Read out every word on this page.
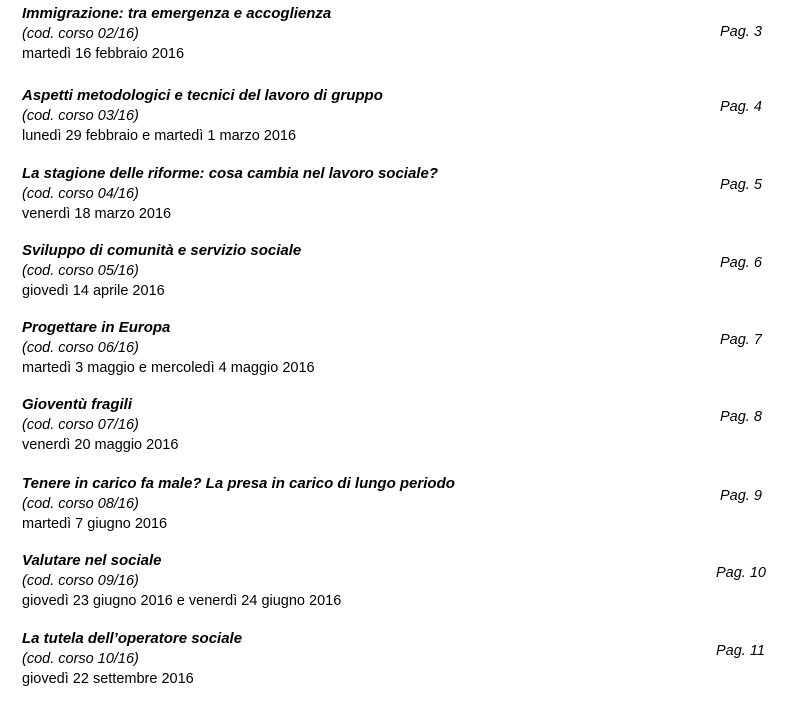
Immigrazione: tra emergenza e accoglienza
(cod. corso 02/16)
martedì 16 febbraio 2016
Pag. 3
Aspetti metodologici e tecnici del lavoro di gruppo
(cod. corso 03/16)
lunedì 29 febbraio e martedì 1 marzo 2016
Pag. 4
La stagione delle riforme: cosa cambia nel lavoro sociale?
(cod. corso 04/16)
venerdì 18 marzo 2016
Pag. 5
Sviluppo di comunità e servizio sociale
(cod. corso 05/16)
giovedì 14 aprile 2016
Pag. 6
Progettare in Europa
(cod. corso 06/16)
martedì 3 maggio e mercoledì 4 maggio 2016
Pag. 7
Gioventù fragili
(cod. corso 07/16)
venerdì 20 maggio 2016
Pag. 8
Tenere in carico fa male? La presa in carico di lungo periodo
(cod. corso 08/16)
martedì 7 giugno 2016
Pag. 9
Valutare nel sociale
(cod. corso 09/16)
giovedì 23 giugno 2016 e venerdì 24 giugno 2016
Pag. 10
La tutela dell’operatore sociale
(cod. corso 10/16)
giovedì 22 settembre 2016
Pag. 11
